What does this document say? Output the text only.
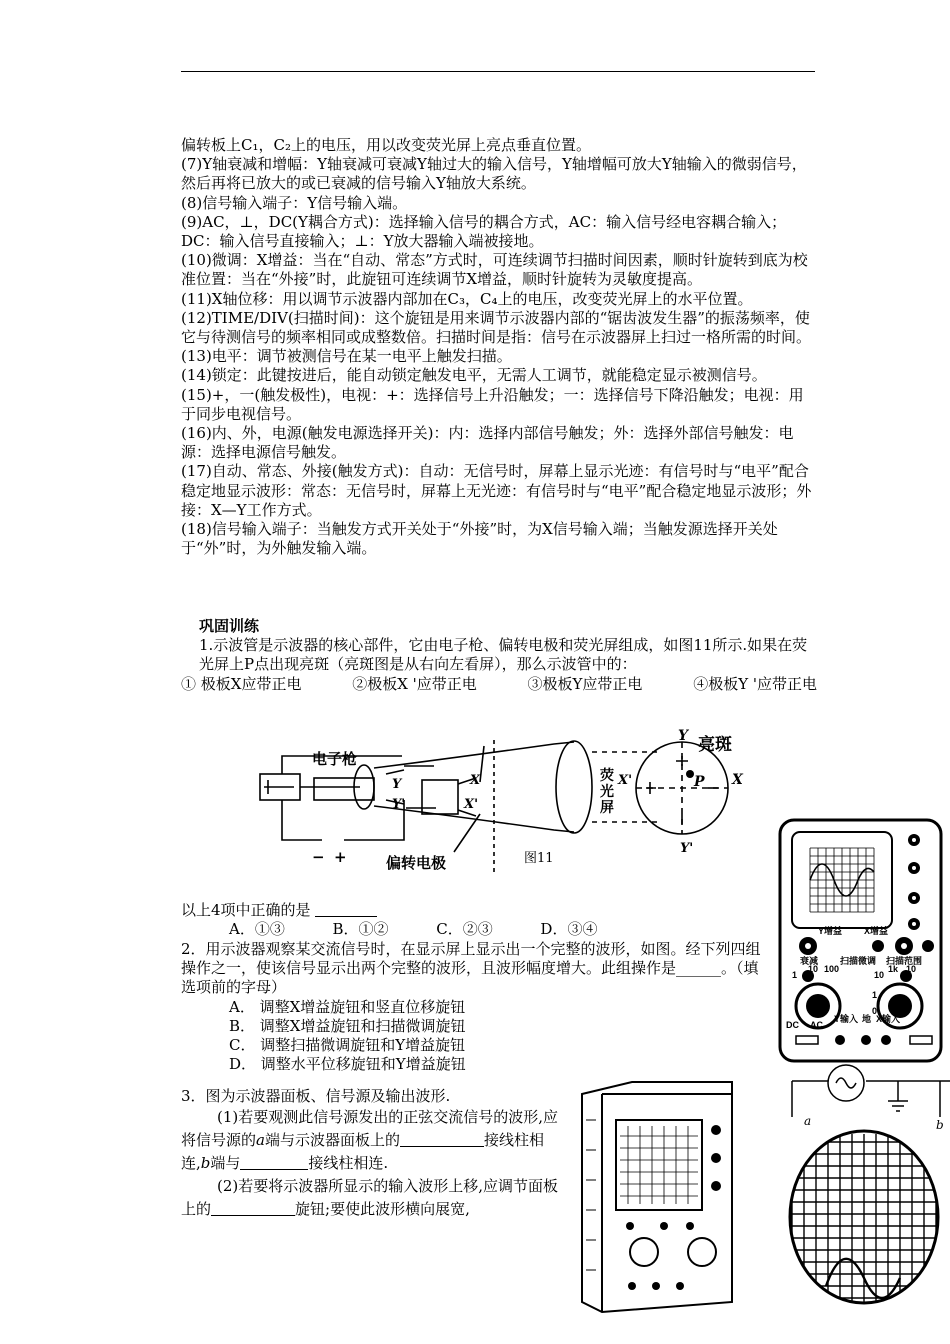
偏转板上C₁，C₂上的电压，用以改变荧光屏上亮点垂直位置。

(7)Y轴衰减和增幅：Y轴衰减可衰减Y轴过大的输入信号，Y轴增幅可放大Y轴输入的微弱信号，然后再将已放大的或已衰减的信号输入Y轴放大系统。

(8)信号输入端子：Y信号输入端。

(9)AC，⊥，DC(Y耦合方式)：选择输入信号的耦合方式，AC：输入信号经电容耦合输入；DC：输入信号直接输入；⊥：Y放大器输入端被接地。

(10)微调：X增益：当在“自动、常态”方式时，可连续调节扫描时间因素，顺时针旋转到底为校准位置：当在“外接”时，此旋钮可连续调节X增益，顺时针旋转为灵敏度提高。

(11)X轴位移：用以调节示波器内部加在C₃，C₄上的电压，改变荧光屏上的水平位置。

(12)TIME/DIV(扫描时间)：这个旋钮是用来调节示波器内部的“锯齿波发生器”的振荡频率，使它与待测信号的频率相同或成整数倍。扫描时间是指：信号在示波器屏上扫过一格所需的时间。

(13)电平：调节被测信号在某一电平上触发扫描。

(14)锁定：此键按进后，能自动锁定触发电平，无需人工调节，就能稳定显示被测信号。

(15)+，一(触发极性)，电视：+：选择信号上升沿触发；一：选择信号下降沿触发；电视：用于同步电视信号。

(16)内、外，电源(触发电源选择开关)：内：选择内部信号触发；外：选择外部信号触发：电源：选择电源信号触发。

(17)自动、常态、外接(触发方式)：自动：无信号时，屏幕上显示光迹：有信号时与“电平”配合稳定地显示波形：常态：无信号时，屏幕上无光迹：有信号时与“电平”配合稳定地显示波形；外接：X—Y工作方式。

(18)信号输入端子：当触发方式开关处于“外接”时，为X信号输入端；当触发源选择开关处于“外”时，为外触发输入端。

巩固训练

1.示波管是示波器的核心部件，它由电子枪、偏转电极和荧光屏组成，如图11所示.如果在荧光屏上P点出现亮斑（亮斑图是从右向左看屏），那么示波管中的：

① 极板X应带正电	②极板X '应带正电	③极板Y应带正电	④极板Y '应带正电

电子枪
Y
Y'
X
X'
− +	偏转电极
荧
光
屏
图11
Y 亮斑
X'	X
P
Y'

以上4项中正确的是

A．①③	B．①②	C．②③	D．③④

2．用示波器观察某交流信号时，在显示屏上显示出一个完整的波形，如图。经下列四组操作之一，使该信号显示出两个完整的波形，且波形幅度增大。此组操作是______。（填选项前的字母）

A． 调整X增益旋钮和竖直位移旋钮

B． 调整X增益旋钮和扫描微调旋钮

C． 调整扫描微调旋钮和Y增益旋钮

D． 调整水平位移旋钮和Y增益旋钮

3．图为示波器面板、信号源及输出波形.

(1)若要观测此信号源发出的正弦交流信号的波形,应将信号源的a端与示波器面板上的	接线柱相连,b端与	接线柱相连.

(2)若要将示波器所显示的输入波形上移,应调节面板上的	旋钮;要使此波形横向展宽,

Y增益 X增益
衰减 扫描微调 扫描范围
1
10 100
10
1k 10
1
0
DC AC
Y输入 地 X输入
a	b
